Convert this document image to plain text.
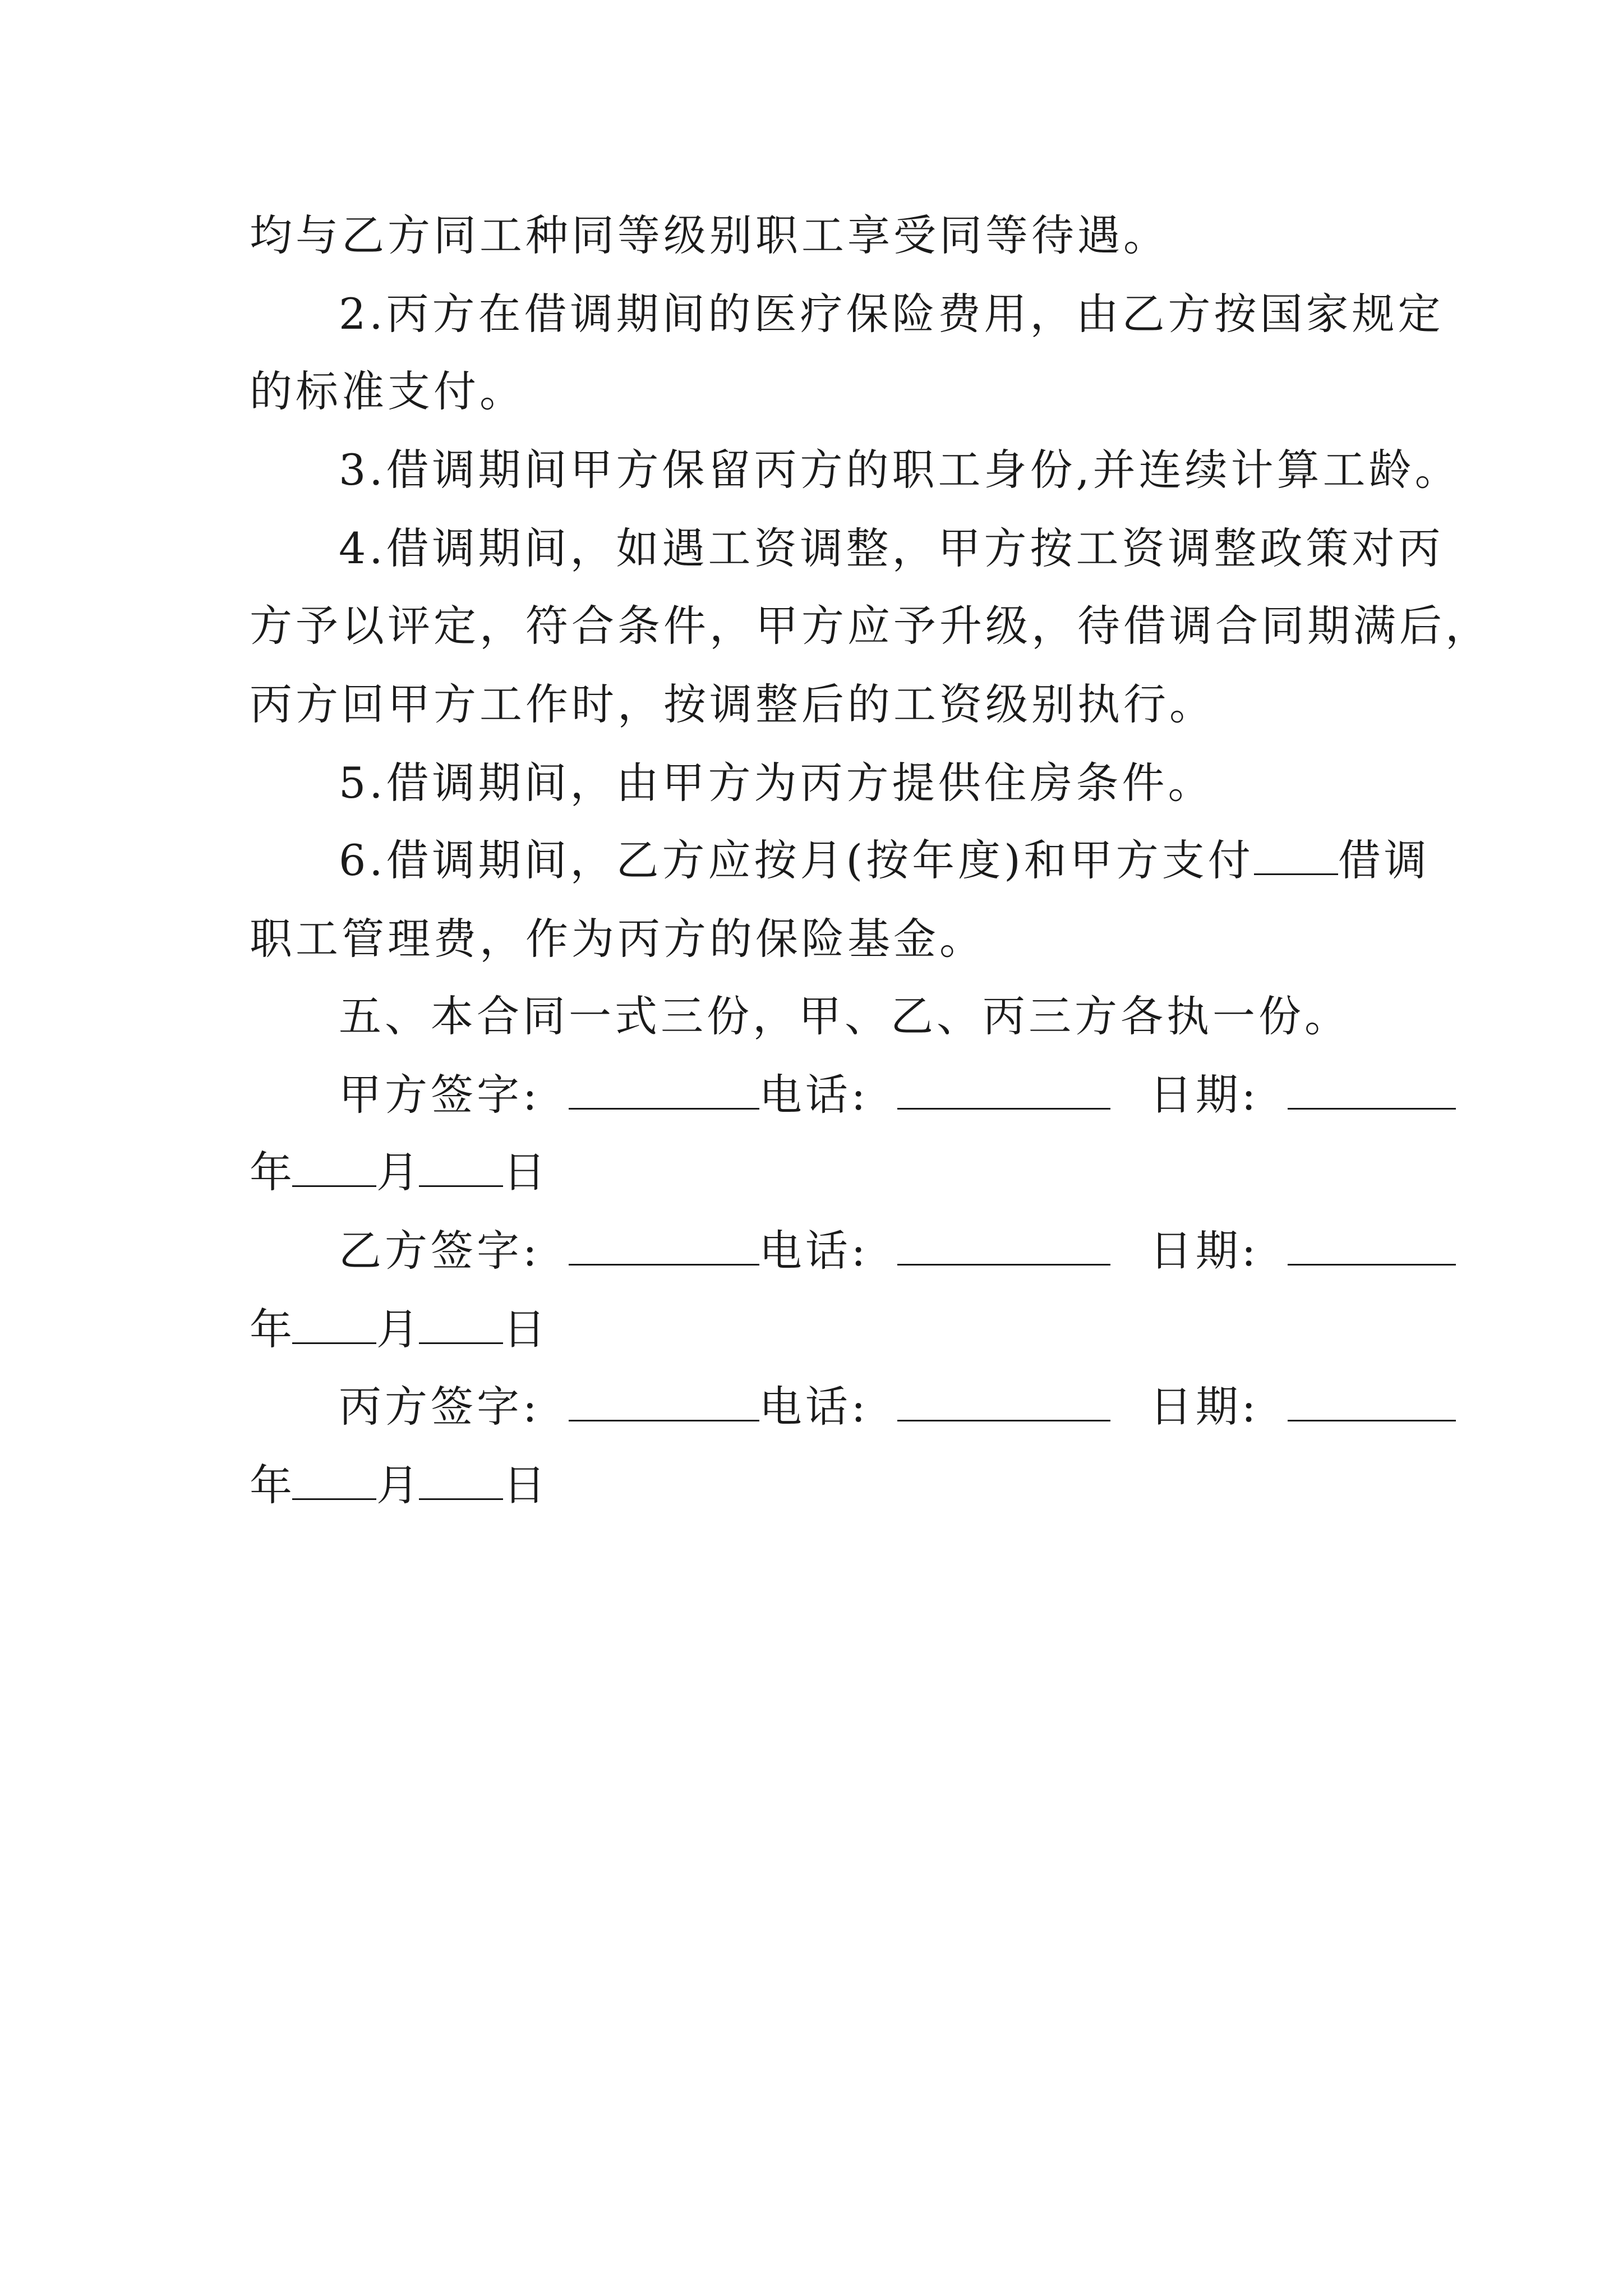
均与乙方同工种同等级别职工享受同等待遇。
2.丙方在借调期间的医疗保险费用，由乙方按国家规定
的标准支付。
3.借调期间甲方保留丙方的职工身份,并连续计算工龄。
4.借调期间，如遇工资调整，甲方按工资调整政策对丙
方予以评定，符合条件，甲方应予升级，待借调合同期满后，
丙方回甲方工作时，按调整后的工资级别执行。
5.借调期间，由甲方为丙方提供住房条件。
6.借调期间，乙方应按月(按年度)和甲方支付 借调
职工管理费，作为丙方的保险基金。
五、本合同一式三份，甲、乙、丙三方各执一份。
甲方签字:	电话:	日期:
年 月 日
乙方签字:	电话:	日期:
年 月 日
丙方签字:	电话:	日期:
年 月 日
